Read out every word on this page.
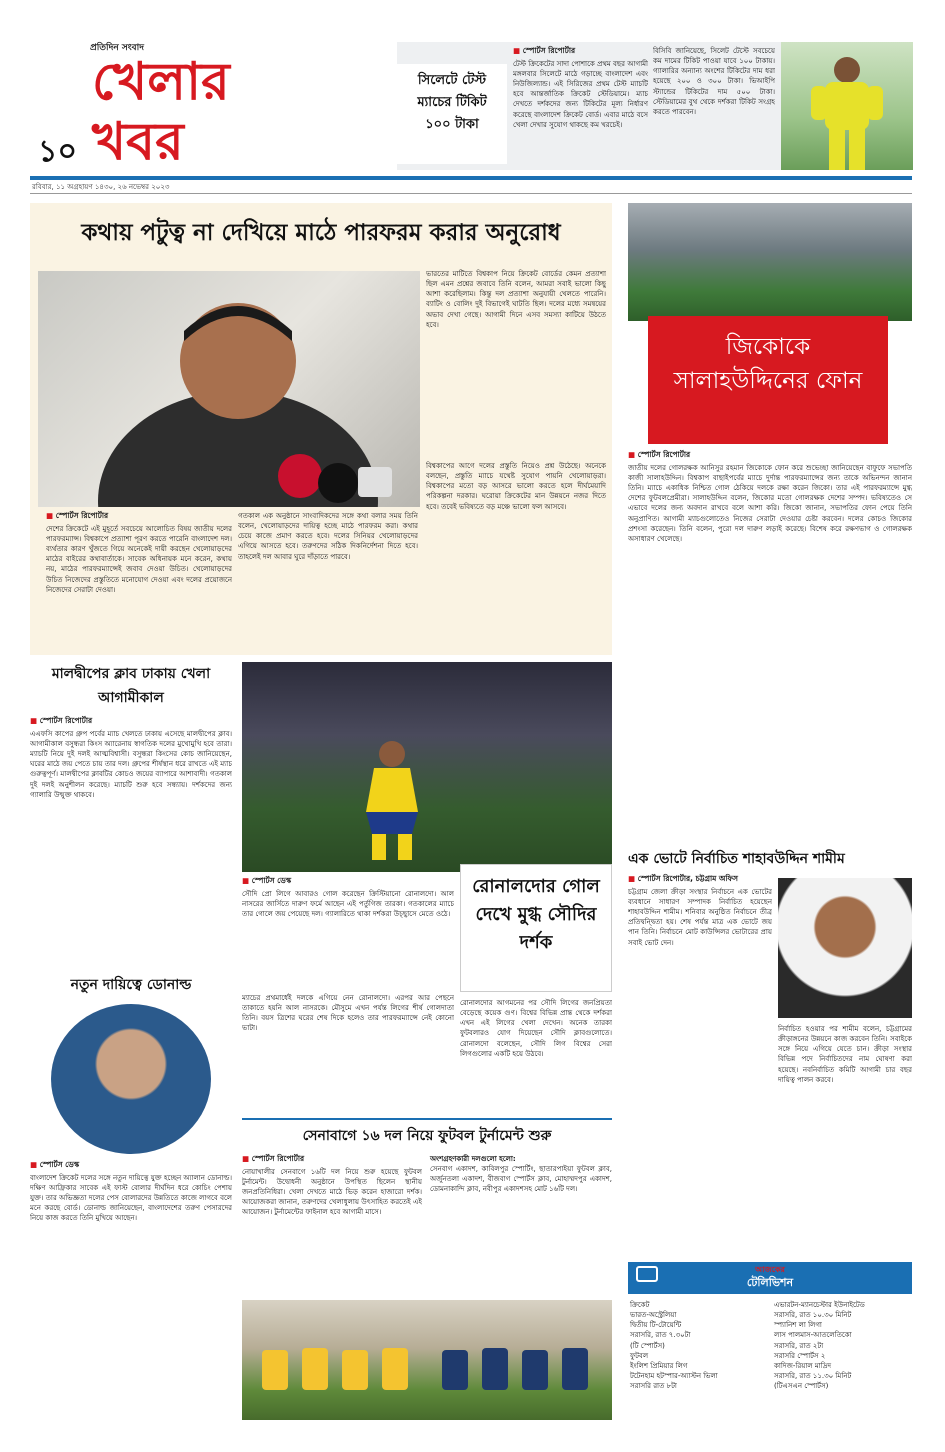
প্রতিদিন সংবাদ
১০
খেলার
খবর
সিলেটে টেস্ট ম্যাচের টিকিট ১০০ টাকা
■ স্পোর্টস রিপোর্টার
টেস্ট ক্রিকেটের সাদা পোশাকে প্রথম বছর আগামী মঙ্গলবার সিলেটে মাঠে গড়াচ্ছে বাংলাদেশ এবং নিউজিল্যান্ড। এই সিরিজের প্রথম টেস্ট ম্যাচটি হবে আন্তর্জাতিক ক্রিকেট স্টেডিয়ামে। ম্যাচ দেখতে দর্শকদের জন্য টিকিটের মূল্য নির্ধারণ করেছে বাংলাদেশ ক্রিকেট বোর্ড। এবার মাঠে বসে খেলা দেখার সুযোগ থাকছে কম খরচেই।
বিসিবি জানিয়েছে, সিলেট টেস্টে সবচেয়ে কম দামের টিকিট পাওয়া যাবে ১০০ টাকায়। গ্যালারির অন্যান্য অংশের টিকিটের দাম ধরা হয়েছে ২০০ ও ৩০০ টাকা। ভিআইপি স্ট্যান্ডের টিকিটের দাম ৫০০ টাকা। স্টেডিয়ামের বুথ থেকে দর্শকরা টিকিট সংগ্রহ করতে পারবেন।
রবিবার, ১১ অগ্রহায়ণ ১৪৩০, ২৬ নভেম্বর ২০২৩
কথায় পটুত্ব না দেখিয়ে মাঠে পারফরম করার অনুরোধ
■ স্পোর্টস রিপোর্টার
দেশের ক্রিকেটে এই মুহূর্তে সবচেয়ে আলোচিত বিষয় জাতীয় দলের পারফরম্যান্স। বিশ্বকাপে প্রত্যাশা পূরণ করতে পারেনি বাংলাদেশ দল। ব্যর্থতার কারণ খুঁজতে গিয়ে অনেকেই দায়ী করছেন খেলোয়াড়দের মাঠের বাইরের কথাবার্তাকে। সাবেক অধিনায়ক মনে করেন, কথায় নয়, মাঠের পারফরম্যান্সেই জবাব দেওয়া উচিত। খেলোয়াড়দের উচিত নিজেদের প্রস্তুতিতে মনোযোগ দেওয়া এবং দলের প্রয়োজনে নিজেদের সেরাটা দেওয়া।
গতকাল এক অনুষ্ঠানে সাংবাদিকদের সঙ্গে কথা বলার সময় তিনি বলেন, খেলোয়াড়দের দায়িত্ব হচ্ছে মাঠে পারফরম করা। কথার চেয়ে কাজে প্রমাণ করতে হবে। দলের সিনিয়র খেলোয়াড়দের এগিয়ে আসতে হবে। তরুণদের সঠিক দিকনির্দেশনা দিতে হবে। তাহলেই দল আবার ঘুরে দাঁড়াতে পারবে।
ভারতের মাটিতে বিশ্বকাপ নিয়ে ক্রিকেট বোর্ডের কেমন প্রত্যাশা ছিল এমন প্রশ্নের জবাবে তিনি বলেন, আমরা সবাই ভালো কিছু আশা করেছিলাম। কিন্তু দল প্রত্যাশা অনুযায়ী খেলতে পারেনি। ব্যাটিং ও বোলিং দুই বিভাগেই ঘাটতি ছিল। দলের মধ্যে সমন্বয়ের অভাব দেখা গেছে। আগামী দিনে এসব সমস্যা কাটিয়ে উঠতে হবে।
বিশ্বকাপের আগে দলের প্রস্তুতি নিয়েও প্রশ্ন উঠেছে। অনেকে বলছেন, প্রস্তুতি ম্যাচে যথেষ্ট সুযোগ পায়নি খেলোয়াড়রা। বিশ্বকাপের মতো বড় আসরে ভালো করতে হলে দীর্ঘমেয়াদি পরিকল্পনা দরকার। ঘরোয়া ক্রিকেটের মান উন্নয়নে নজর দিতে হবে। তবেই ভবিষ্যতে বড় মঞ্চে ভালো ফল আসবে।
জিকোকে সালাহউদ্দিনের ফোন
■ স্পোর্টস রিপোর্টার
জাতীয় দলের গোলরক্ষক আনিসুর রহমান জিকোকে ফোন করে শুভেচ্ছা জানিয়েছেন বাফুফে সভাপতি কাজী সালাহউদ্দিন। বিশ্বকাপ বাছাইপর্বের ম্যাচে দুর্দান্ত পারফরম্যান্সের জন্য তাকে অভিনন্দন জানান তিনি। ম্যাচে একাধিক নিশ্চিত গোল ঠেকিয়ে দলকে রক্ষা করেন জিকো। তার এই পারফরম্যান্সে মুগ্ধ দেশের ফুটবলপ্রেমীরা। সালাহউদ্দিন বলেন, জিকোর মতো গোলরক্ষক দেশের সম্পদ। ভবিষ্যতেও সে এভাবে দলের জন্য অবদান রাখবে বলে আশা করি। জিকো জানান, সভাপতির ফোন পেয়ে তিনি অনুপ্রাণিত। আগামী ম্যাচগুলোতেও নিজের সেরাটা দেওয়ার চেষ্টা করবেন। দলের কোচও জিকোর প্রশংসা করেছেন। তিনি বলেন, পুরো দল দারুণ লড়াই করেছে। বিশেষ করে রক্ষণভাগ ও গোলরক্ষক অসাধারণ খেলেছে।
মালদ্বীপের ক্লাব ঢাকায় খেলা আগামীকাল
■ স্পোর্টস রিপোর্টার
এএফসি কাপের গ্রুপ পর্বের ম্যাচ খেলতে ঢাকায় এসেছে মালদ্বীপের ক্লাব। আগামীকাল বসুন্ধরা কিংস অ্যারেনায় স্বাগতিক দলের মুখোমুখি হবে তারা। ম্যাচটি নিয়ে দুই দলই আত্মবিশ্বাসী। বসুন্ধরা কিংসের কোচ জানিয়েছেন, ঘরের মাঠে জয় পেতে চায় তার দল। গ্রুপের শীর্ষস্থান ধরে রাখতে এই ম্যাচ গুরুত্বপূর্ণ। মালদ্বীপের ক্লাবটির কোচও জয়ের ব্যাপারে আশাবাদী। গতকাল দুই দলই অনুশীলন করেছে। ম্যাচটি শুরু হবে সন্ধ্যায়। দর্শকদের জন্য গ্যালারি উন্মুক্ত থাকবে।
■ স্পোর্টস ডেস্ক
সৌদি প্রো লিগে আবারও গোল করেছেন ক্রিস্টিয়ানো রোনালদো। আল নাসরের জার্সিতে দারুণ ফর্মে আছেন এই পর্তুগিজ তারকা। গতকালের ম্যাচে তার গোলে জয় পেয়েছে দল। গ্যালারিতে থাকা দর্শকরা উচ্ছ্বাসে মেতে ওঠে।
ম্যাচের প্রথমার্ধেই দলকে এগিয়ে নেন রোনালদো। এরপর আর পেছনে তাকাতে হয়নি আল নাসরকে। মৌসুমে এখন পর্যন্ত লিগের শীর্ষ গোলদাতা তিনি। বয়স ত্রিশের ঘরের শেষ দিকে হলেও তার পারফরম্যান্সে নেই কোনো ভাটা।
রোনালদোর গোল দেখে মুগ্ধ সৌদির দর্শক
রোনালদোর আগমনের পর সৌদি লিগের জনপ্রিয়তা বেড়েছে কয়েক গুণ। বিশ্বের বিভিন্ন প্রান্ত থেকে দর্শকরা এখন এই লিগের খেলা দেখেন। অনেক তারকা ফুটবলারও যোগ দিয়েছেন সৌদি ক্লাবগুলোতে। রোনালদো বলেছেন, সৌদি লিগ বিশ্বের সেরা লিগগুলোর একটি হয়ে উঠবে।
নতুন দায়িত্বে ডোনাল্ড
■ স্পোর্টস ডেস্ক
বাংলাদেশ ক্রিকেট দলের সঙ্গে নতুন দায়িত্বে যুক্ত হচ্ছেন অ্যালান ডোনাল্ড। দক্ষিণ আফ্রিকার সাবেক এই ফাস্ট বোলার দীর্ঘদিন ধরে কোচিং পেশায় যুক্ত। তার অভিজ্ঞতা দলের পেস বোলারদের উন্নতিতে কাজে লাগবে বলে মনে করছে বোর্ড। ডোনাল্ড জানিয়েছেন, বাংলাদেশের তরুণ পেসারদের নিয়ে কাজ করতে তিনি মুখিয়ে আছেন।
এক ভোটে নির্বাচিত শাহাবউদ্দিন শামীম
■ স্পোর্টস রিপোর্টার, চট্টগ্রাম অফিস
চট্টগ্রাম জেলা ক্রীড়া সংস্থার নির্বাচনে এক ভোটের ব্যবধানে সাধারণ সম্পাদক নির্বাচিত হয়েছেন শাহাবউদ্দিন শামীম। শনিবার অনুষ্ঠিত নির্বাচনে তীব্র প্রতিদ্বন্দ্বিতা হয়। শেষ পর্যন্ত মাত্র এক ভোটে জয় পান তিনি। নির্বাচনে মোট কাউন্সিলর ভোটারের প্রায় সবাই ভোট দেন।
নির্বাচিত হওয়ার পর শামীম বলেন, চট্টগ্রামের ক্রীড়াঙ্গনের উন্নয়নে কাজ করবেন তিনি। সবাইকে সঙ্গে নিয়ে এগিয়ে যেতে চান। ক্রীড়া সংস্থার বিভিন্ন পদে নির্বাচিতদের নাম ঘোষণা করা হয়েছে। নবনির্বাচিত কমিটি আগামী চার বছর দায়িত্ব পালন করবে।
সেনাবাগে ১৬ দল নিয়ে ফুটবল টুর্নামেন্ট শুরু
■ স্পোর্টস রিপোর্টার
নোয়াখালীর সেনবাগে ১৬টি দল নিয়ে শুরু হয়েছে ফুটবল টুর্নামেন্ট। উদ্বোধনী অনুষ্ঠানে উপস্থিত ছিলেন স্থানীয় জনপ্রতিনিধিরা। খেলা দেখতে মাঠে ভিড় করেন হাজারো দর্শক। আয়োজকরা জানান, তরুণদের খেলাধুলায় উৎসাহিত করতেই এই আয়োজন। টুর্নামেন্টের ফাইনাল হবে আগামী মাসে।
অংশগ্রহণকারী দলগুলো হলো:
সেনবাগ একাদশ, কাবিলপুর স্পোর্টিং, ছাতারপাইয়া ফুটবল ক্লাব, অর্জুনতলা একাদশ, বীজবাগ স্পোর্টস ক্লাব, মোহাম্মদপুর একাদশ, ডোমনাকান্দি ক্লাব, নবীপুর একাদশসহ মোট ১৬টি দল।
আজকের
টেলিভিশন
ক্রিকেট
ভারত-অস্ট্রেলিয়া
দ্বিতীয় টি-টোয়েন্টি
সরাসরি, রাত ৭.৩০টা
(টি স্পোর্টস)
ফুটবল
ইংলিশ প্রিমিয়ার লিগ
টটেনহাম হটস্পার-অ্যাস্টন ভিলা
সরাসরি রাত ৮টা
এভারটন-ম্যানচেস্টার ইউনাইটেড
সরাসরি, রাত ১০.৩০ মিনিট
স্প্যানিশ লা লিগা
লাস পালমাস-আতলেতিকো
সরাসরি, রাত ২টা
সরাসরি স্পোর্টস ২
কাদিজ-রিয়াল মাদ্রিদ
সরাসরি, রাত ১১.৩০ মিনিট
(টিএসএন স্পোর্টস)
